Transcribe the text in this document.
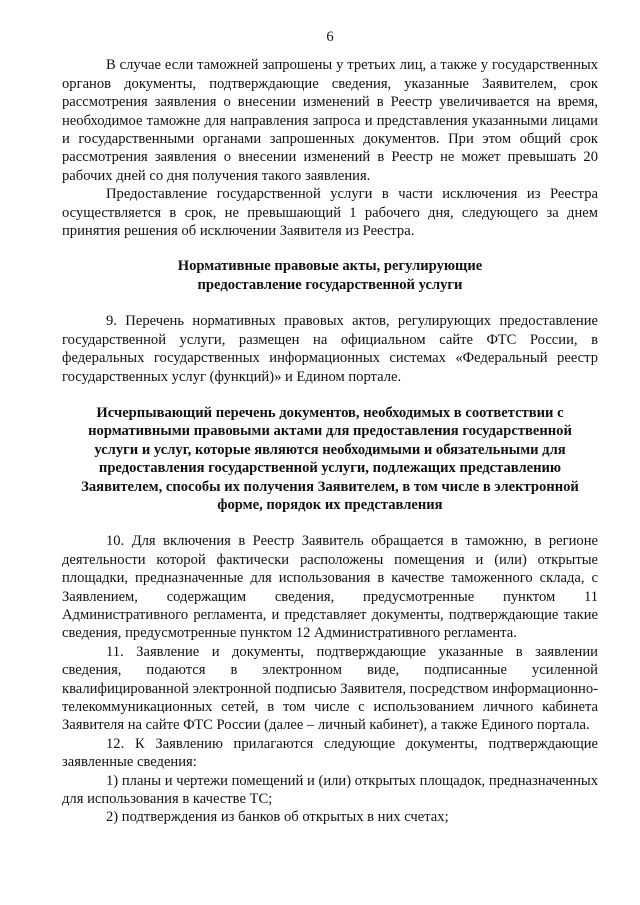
6

В случае если таможней запрошены у третьих лиц, а также у государственных органов документы, подтверждающие сведения, указанные Заявителем, срок рассмотрения заявления о внесении изменений в Реестр увеличивается на время, необходимое таможне для направления запроса и представления указанными лицами и государственными органами запрошенных документов. При этом общий срок рассмотрения заявления о внесении изменений в Реестр не может превышать 20 рабочих дней со дня получения такого заявления.

Предоставление государственной услуги в части исключения из Реестра осуществляется в срок, не превышающий 1 рабочего дня, следующего за днем принятия решения об исключении Заявителя из Реестра.

Нормативные правовые акты, регулирующие
предоставление государственной услуги

9. Перечень нормативных правовых актов, регулирующих предоставление государственной услуги, размещен на официальном сайте ФТС России, в федеральных государственных информационных системах «Федеральный реестр государственных услуг (функций)» и Едином портале.

Исчерпывающий перечень документов, необходимых в соответствии с
нормативными правовыми актами для предоставления государственной
услуги и услуг, которые являются необходимыми и обязательными для
предоставления государственной услуги, подлежащих представлению
Заявителем, способы их получения Заявителем, в том числе в электронной
форме, порядок их представления

10. Для включения в Реестр Заявитель обращается в таможню, в регионе деятельности которой фактически расположены помещения и (или) открытые площадки, предназначенные для использования в качестве таможенного склада, с Заявлением, содержащим сведения, предусмотренные пунктом 11 Административного регламента, и представляет документы, подтверждающие такие сведения, предусмотренные пунктом 12 Административного регламента.

11. Заявление и документы, подтверждающие указанные в заявлении сведения, подаются в электронном виде, подписанные усиленной квалифицированной электронной подписью Заявителя, посредством информационно-телекоммуникационных сетей, в том числе с использованием личного кабинета Заявителя на сайте ФТС России (далее – личный кабинет), а также Единого портала.

12. К Заявлению прилагаются следующие документы, подтверждающие заявленные сведения:

1) планы и чертежи помещений и (или) открытых площадок, предназначенных для использования в качестве ТС;

2) подтверждения из банков об открытых в них счетах;
